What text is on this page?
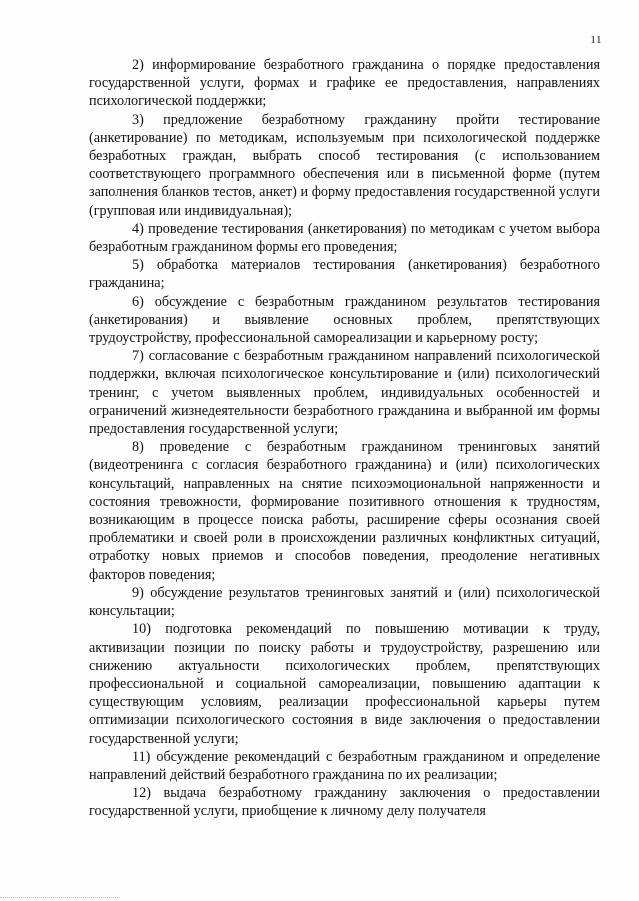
11

2) информирование безработного гражданина о порядке предоставления государственной услуги, формах и графике ее предоставления, направлениях психологической поддержки;

3) предложение безработному гражданину пройти тестирование (анкетирование) по методикам, используемым при психологической поддержке безработных граждан, выбрать способ тестирования (с использованием соответствующего программного обеспечения или в письменной форме (путем заполнения бланков тестов, анкет) и форму предоставления государственной услуги (групповая или индивидуальная);

4) проведение тестирования (анкетирования) по методикам с учетом выбора безработным гражданином формы его проведения;

5) обработка материалов тестирования (анкетирования) безработного гражданина;

6) обсуждение с безработным гражданином результатов тестирования (анкетирования) и выявление основных проблем, препятствующих трудоустройству, профессиональной самореализации и карьерному росту;

7) согласование с безработным гражданином направлений психологической поддержки, включая психологическое консультирование и (или) психологический тренинг, с учетом выявленных проблем, индивидуальных особенностей и ограничений жизнедеятельности безработного гражданина и выбранной им формы предоставления государственной услуги;

8) проведение с безработным гражданином тренинговых занятий (видеотренинга с согласия безработного гражданина) и (или) психологических консультаций, направленных на снятие психоэмоциональной напряженности и состояния тревожности, формирование позитивного отношения к трудностям, возникающим в процессе поиска работы, расширение сферы осознания своей проблематики и своей роли в происхождении различных конфликтных ситуаций, отработку новых приемов и способов поведения, преодоление негативных факторов поведения;

9) обсуждение результатов тренинговых занятий и (или) психологической консультации;

10) подготовка рекомендаций по повышению мотивации к труду, активизации позиции по поиску работы и трудоустройству, разрешению или снижению актуальности психологических проблем, препятствующих профессиональной и социальной самореализации, повышению адаптации к существующим условиям, реализации профессиональной карьеры путем оптимизации психологического состояния в виде заключения о предоставлении государственной услуги;

11) обсуждение рекомендаций с безработным гражданином и определение направлений действий безработного гражданина по их реализации;

12) выдача безработному гражданину заключения о предоставлении государственной услуги, приобщение к личному делу получателя
